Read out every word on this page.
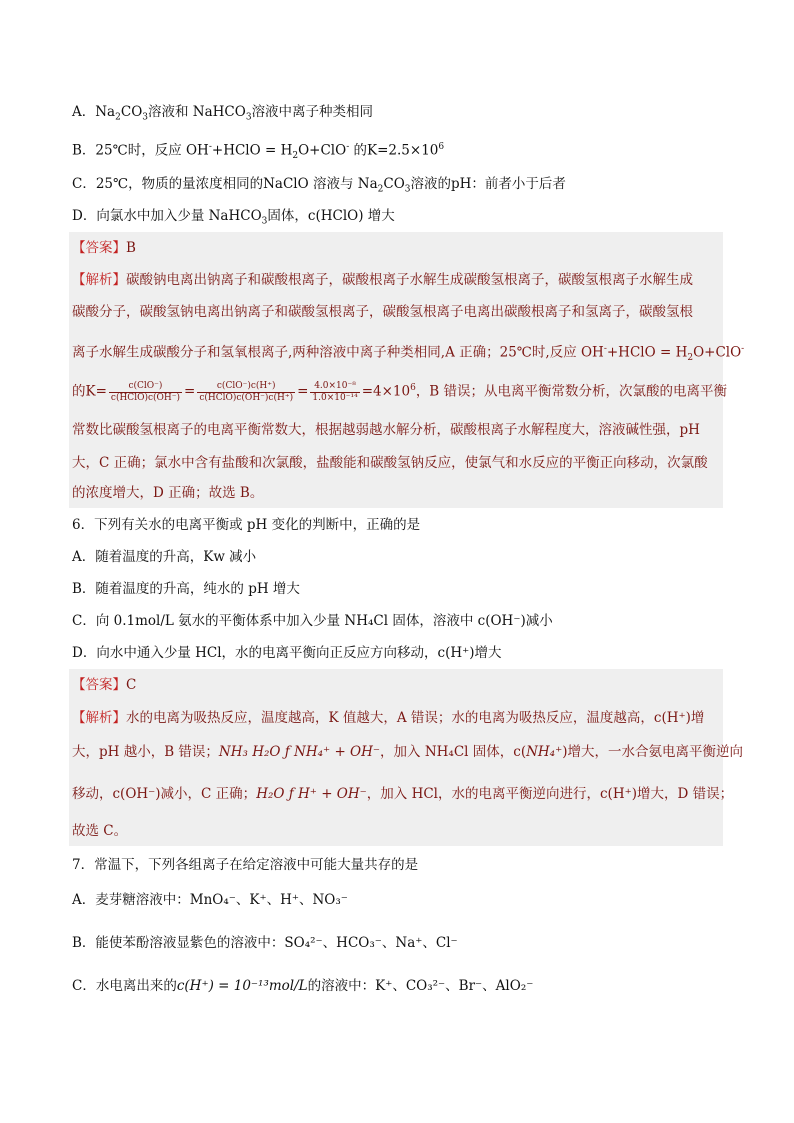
A．$Na_2CO_3$溶液和 NaHCO$_3$溶液中离子种类相同
B．25℃时，反应 OH-+HClO = $H_2O+ClO^-$ 的$K=2.5\times 10^6$
C．25℃，物质的量浓度相同的NaClO 溶液与 $Na_2CO_3$溶液的pH：前者小于后者
D．向氯水中加入少量 NaHCO$_3$固体，c(HClO) 增大
【答案】B
【解析】碳酸钠电离出钠离子和碳酸根离子，碳酸根离子水解生成碳酸氢根离子，碳酸氢根离子水解生成
碳酸分子，碳酸氢钠电离出钠离子和碳酸氢根离子，碳酸氢根离子电离出碳酸根离子和氢离子，碳酸氢根
离子水解生成碳酸分子和氢氧根离子,两种溶液中离子种类相同,A 正确；25℃时,反应 OH-+HClO = $H_2O+ClO^-$
的$K= \frac{\text{c(ClO⁻)}}{\text{c(HClO)c(OH⁻)}} = \frac{\text{c(ClO⁻)c(H⁺)}}{\text{c(HClO)c(OH⁻)c(H⁺)}} = \frac{\text{4.0×10⁻⁸}}{\text{1.0×10⁻¹⁴}} =4\times 10^6$，B 错误；从电离平衡常数分析，次氯酸的电离平衡
常数比碳酸氢根离子的电离平衡常数大，根据越弱越水解分析，碳酸根离子水解程度大，溶液碱性强，pH
大，C 正确；氯水中含有盐酸和次氯酸，盐酸能和碳酸氢钠反应，使氯气和水反应的平衡正向移动，次氯酸
的浓度增大，D 正确；故选 B。
6．下列有关水的电离平衡或 pH 变化的判断中，正确的是
A．随着温度的升高，Kw 减小
B．随着温度的升高，纯水的 pH 增大
C．向 0.1mol/L 氨水的平衡体系中加入少量 NH₄Cl 固体，溶液中 c(OH⁻)减小
D．向水中通入少量 HCl，水的电离平衡向正反应方向移动，c(H⁺)增大
【答案】C
【解析】水的电离为吸热反应，温度越高，K 值越大，A 错误；水的电离为吸热反应，温度越高，c(H⁺)增
大，pH 越小，B 错误；NH₃ H₂O ƒ NH₄⁺ + OH⁻，加入 NH₄Cl 固体，c(NH₄⁺)增大，一水合氨电离平衡逆向
移动，c(OH⁻)减小，C 正确；H₂O ƒ H⁺ + OH⁻，加入 HCl，水的电离平衡逆向进行，c(H⁺)增大，D 错误；
故选 C。
7．常温下，下列各组离子在给定溶液中可能大量共存的是
A．麦芽糖溶液中：MnO₄⁻、K⁺、H⁺、NO₃⁻
B．能使苯酚溶液显紫色的溶液中：SO₄²⁻、HCO₃⁻、Na⁺、Cl⁻
C．水电离出来的c(H⁺) = 10⁻¹³mol/L的溶液中：K⁺、CO₃²⁻、Br⁻、AlO₂⁻
